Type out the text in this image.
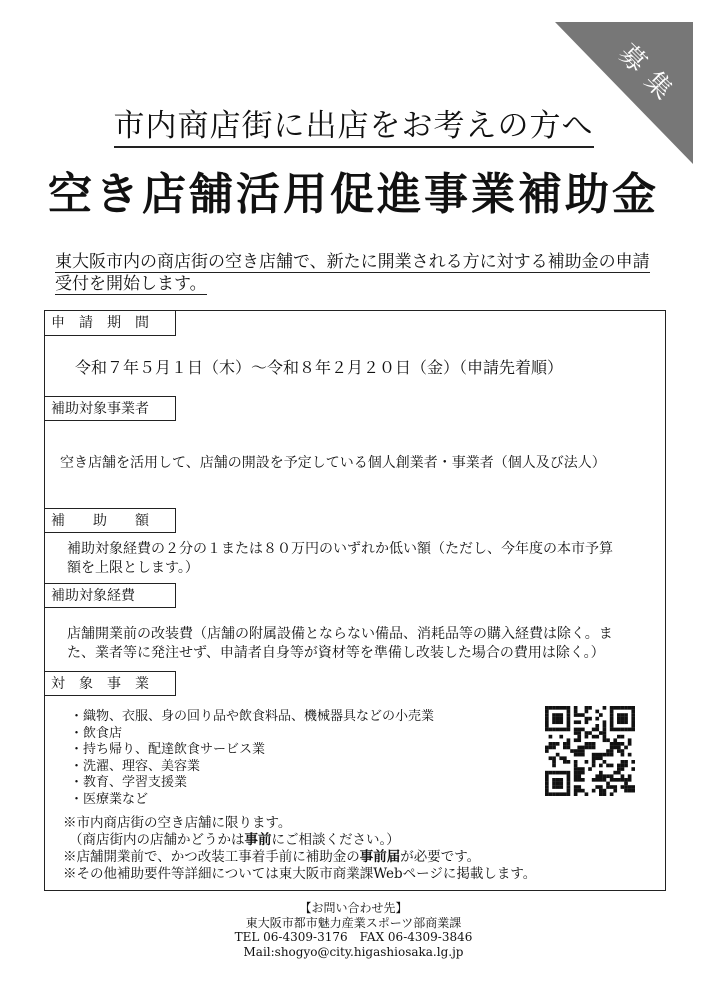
募
集
市内商店街に出店をお考えの方へ
空き店舗活用促進事業補助金
東大阪市内の商店街の空き店舗で、新たに開業される方に対する補助金の申請受付を開始します。
申　請　期　間
令和７年５月１日（木）～令和８年２月２０日（金）（申請先着順）
補助対象事業者
空き店舗を活用して、店舗の開設を予定している個人創業者・事業者（個人及び法人）
補　　助　　額
補助対象経費の２分の１または８０万円のいずれか低い額（ただし、今年度の本市予算
額を上限とします。）
補助対象経費
店舗開業前の改装費（店舗の附属設備とならない備品、消耗品等の購入経費は除く。ま
た、業者等に発注せず、申請者自身等が資材等を準備し改装した場合の費用は除く。）
対　象　事　業
・織物、衣服、身の回り品や飲食料品、機械器具などの小売業
・飲食店
・持ち帰り、配達飲食サービス業
・洗濯、理容、美容業
・教育、学習支援業
・医療業など
※市内商店街の空き店舗に限ります。
（商店街内の店舗かどうかは事前にご相談ください。）
※店舗開業前で、かつ改装工事着手前に補助金の事前届が必要です。
※その他補助要件等詳細については東大阪市商業課Webページに掲載します。
【お問い合わせ先】
東大阪市都市魅力産業スポーツ部商業課
TEL 06-4309-3176　FAX 06-4309-3846
Mail:shogyo@city.higashiosaka.lg.jp
